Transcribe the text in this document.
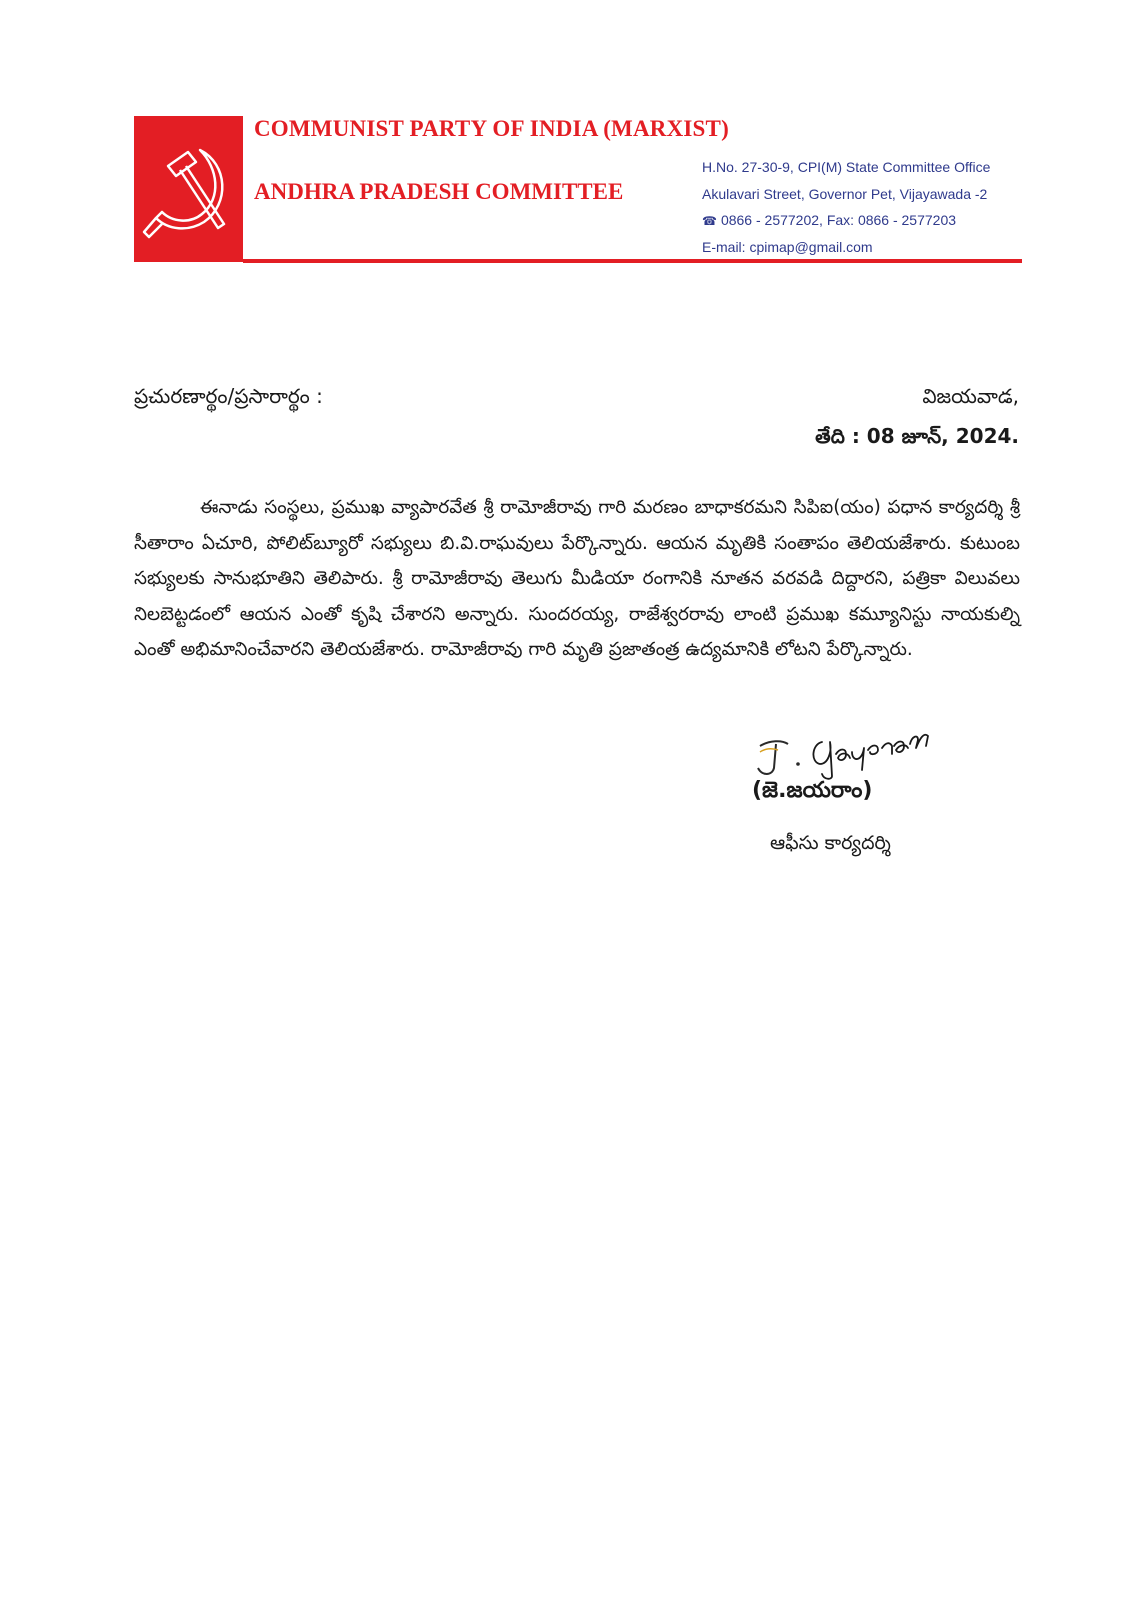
COMMUNIST PARTY OF INDIA (MARXIST)
ANDHRA PRADESH COMMITTEE
H.No. 27-30-9, CPI(M) State Committee Office
Akulavari Street, Governor Pet, Vijayawada -2
☎ 0866 - 2577202, Fax: 0866 - 2577203
E-mail: cpimap@gmail.com
ప్రచురణార్థం/ప్రసారార్థం :	విజయవాడ,
తేది : 08 జూన్‌, 2024.
ఈనాడు సంస్థలు, ప్రముఖ వ్యాపారవేత శ్రీ రామోజీరావు గారి మరణం బాధాకరమని సిపిఐ(యం) పధాన కార్యదర్శి శ్రీ సీతారాం ఏచూరి, పోలిట్‌బ్యూరో సభ్యులు బి.వి.రాఘవులు పేర్కొన్నారు. ఆయన మృతికి సంతాపం తెలియజేశారు. కుటుంబ సభ్యులకు సానుభూతిని తెలిపారు. శ్రీ రామోజీరావు తెలుగు మీడియా రంగానికి నూతన వరవడి దిద్దారని, పత్రికా విలువలు నిలబెట్టడంలో ఆయన ఎంతో కృషి చేశారని అన్నారు. సుందరయ్య, రాజేశ్వరరావు లాంటి ప్రముఖ కమ్యూనిస్టు నాయకుల్ని ఎంతో అభిమానించేవారని తెలియజేశారు. రామోజీరావు గారి మృతి ప్రజాతంత్ర ఉద్యమానికి లోటని పేర్కొన్నారు.
(జె.జయరాం)
ఆఫీసు కార్యదర్శి
